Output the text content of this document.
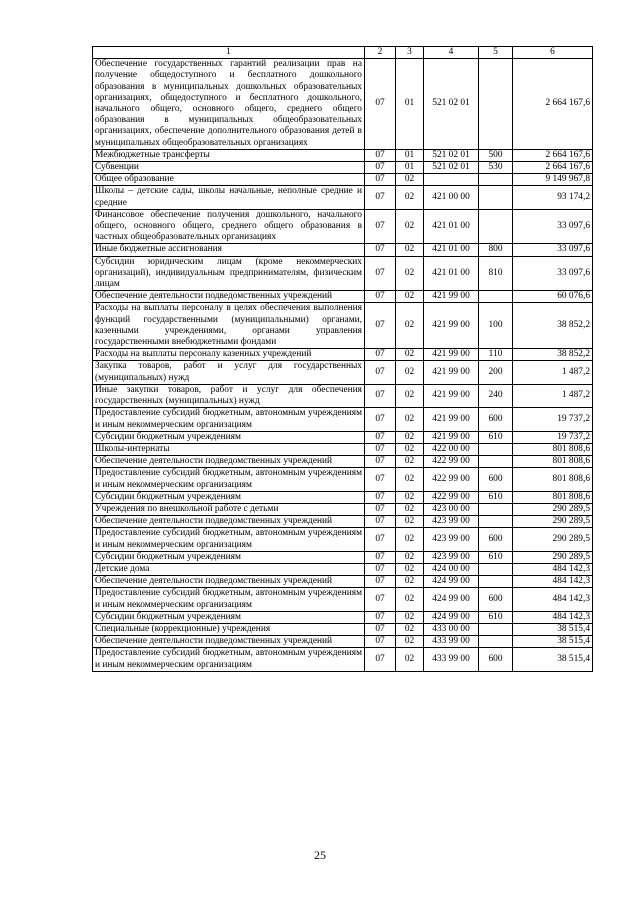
1	2	3	4	5	6
Обеспечение государственных гарантий реализации прав на получение общедоступного и бесплатного дошкольного образования в муниципальных дошкольных образовательных организациях, общедоступного и бесплатного дошкольного, начального общего, основного общего, среднего общего образования в муниципальных общеобразовательных организациях, обеспечение дополнительного образования детей в муниципальных общеобразовательных организациях	07	01	521 02 01		2 664 167,6
Межбюджетные трансферты	07	01	521 02 01	500	2 664 167,6
Субвенции	07	01	521 02 01	530	2 664 167,6
Общее образование	07	02			9 149 967,8
Школы – детские сады, школы начальные, неполные средние и средние	07	02	421 00 00		93 174,2
Финансовое обеспечение получения дошкольного, начального общего, основного общего, среднего общего образования в частных общеобразовательных организациях	07	02	421 01 00		33 097,6
Иные бюджетные ассигнования	07	02	421 01 00	800	33 097,6
Субсидии юридическим лицам (кроме некоммерческих организаций), индивидуальным предпринимателям, физическим лицам	07	02	421 01 00	810	33 097,6
Обеспечение деятельности подведомственных учреждений	07	02	421 99 00		60 076,6
Расходы на выплаты персоналу в целях обеспечения выполнения функций государственными (муниципальными) органами, казенными учреждениями, органами управления государственными внебюджетными фондами	07	02	421 99 00	100	38 852,2
Расходы на выплаты персоналу казенных учреждений	07	02	421 99 00	110	38 852,2
Закупка товаров, работ и услуг для государственных (муниципальных) нужд	07	02	421 99 00	200	1 487,2
Иные закупки товаров, работ и услуг для обеспечения государственных (муниципальных) нужд	07	02	421 99 00	240	1 487,2
Предоставление субсидий бюджетным, автономным учреждениям и иным некоммерческим организациям	07	02	421 99 00	600	19 737,2
Субсидии бюджетным учреждениям	07	02	421 99 00	610	19 737,2
Школы-интернаты	07	02	422 00 00		801 808,6
Обеспечение деятельности подведомственных учреждений	07	02	422 99 00		801 808,6
Предоставление субсидий бюджетным, автономным учреждениям и иным некоммерческим организациям	07	02	422 99 00	600	801 808,6
Субсидии бюджетным учреждениям	07	02	422 99 00	610	801 808,6
Учреждения по внешкольной работе с детьми	07	02	423 00 00		290 289,5
Обеспечение деятельности подведомственных учреждений	07	02	423 99 00		290 289,5
Предоставление субсидий бюджетным, автономным учреждениям и иным некоммерческим организациям	07	02	423 99 00	600	290 289,5
Субсидии бюджетным учреждениям	07	02	423 99 00	610	290 289,5
Детские дома	07	02	424 00 00		484 142,3
Обеспечение деятельности подведомственных учреждений	07	02	424 99 00		484 142,3
Предоставление субсидий бюджетным, автономным учреждениям и иным некоммерческим организациям	07	02	424 99 00	600	484 142,3
Субсидии бюджетным учреждениям	07	02	424 99 00	610	484 142,3
Специальные (коррекционные) учреждения	07	02	433 00 00		38 515,4
Обеспечение деятельности подведомственных учреждений	07	02	433 99 00		38 515,4
Предоставление субсидий бюджетным, автономным учреждениям и иным некоммерческим организациям	07	02	433 99 00	600	38 515,4
25
